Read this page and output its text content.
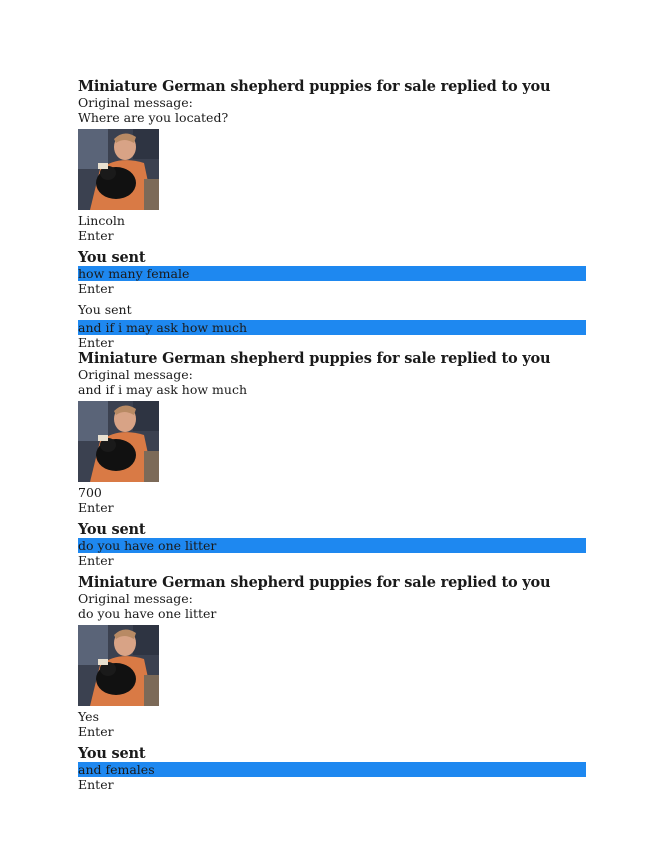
Miniature German shepherd puppies for sale replied to you
Original message:
Where are you located?
Lincoln
Enter
You sent
how many female
Enter
You sent
and if i may ask how much
Enter
Miniature German shepherd puppies for sale replied to you
Original message:
and if i may ask how much
700
Enter
You sent
do you have one litter
Enter
Miniature German shepherd puppies for sale replied to you
Original message:
do you have one litter
Yes
Enter
You sent
and females
Enter
